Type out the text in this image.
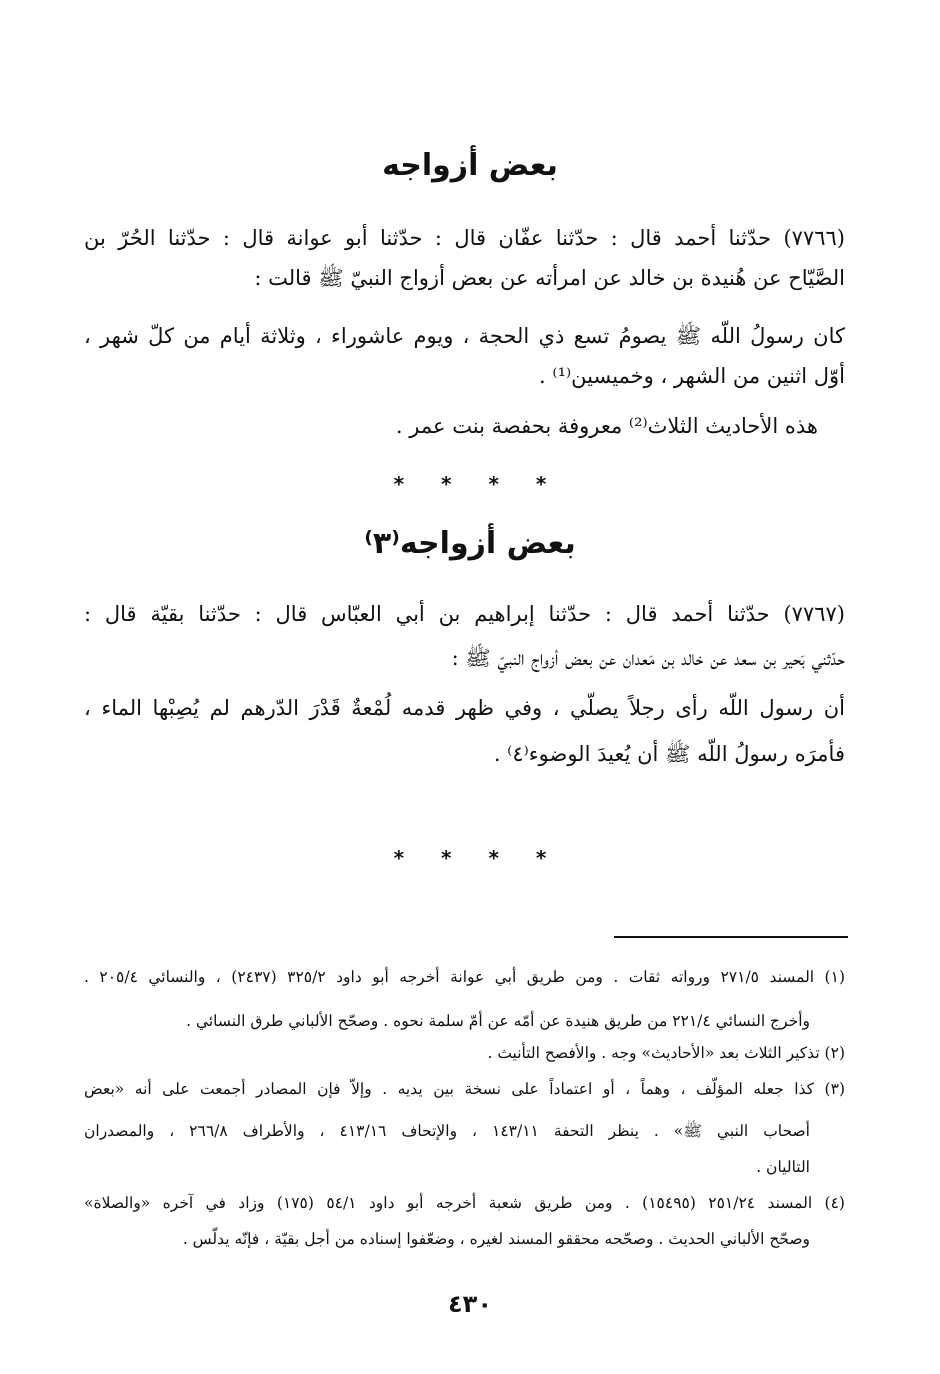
بعض أزواجه
(٧٧٦٦) حدّثنا أحمد قال : حدّثنا عفّان قال : حدّثنا أبو عوانة قال : حدّثنا الحُرّ بن
الصَّيّاح عن هُنيدة بن خالد عن امرأته عن بعض أزواج النبيّ ﷺ قالت :
كان رسولُ اللّه ﷺ يصومُ تسع ذي الحجة ، ويوم عاشوراء ، وثلاثة أيام من كلّ شهر ،
أوّل اثنين من الشهر ، وخميسين⁽¹⁾ .
هذه الأحاديث الثلاث⁽²⁾ معروفة بحفصة بنت عمر .
* * * *
بعض أزواجه⁽٣⁾
(٧٧٦٧) حدّثنا أحمد قال : حدّثنا إبراهيم بن أبي العبّاس قال : حدّثنا بقيّة قال :
حدّثني بَحير بن سعد عن خالد بن مَعدان عن بعض أزواج النبيّ ﷺ :
أن رسول اللّه رأى رجلاً يصلّي ، وفي ظهر قدمه لُمْعةٌ قَدْرَ الدّرهم لم يُصِبْها الماء ،
فأمرَه رسولُ اللّه ﷺ أن يُعيدَ الوضوء⁽٤⁾ .
* * * *
(١) المسند ٢٧١/٥ ورواته ثقات . ومن طريق أبي عوانة أخرجه أبو داود ٣٢٥/٢ (٢٤٣٧) ، والنسائي ٢٠٥/٤ .
وأخرج النسائي ٢٢١/٤ من طريق هنيدة عن أمّه عن أمّ سلمة نحوه . وصحّح الألباني طرق النسائي .
(٢) تذكير الثلاث بعد «الأحاديث» وجه . والأفصح التأنيث .
(٣) كذا جعله المؤلّف ، وهماً ، أو اعتماداً على نسخة بين يديه . وإلاّ فإن المصادر أجمعت على أنه «بعض
أصحاب النبي ﷺ» . ينظر التحفة ١٤٣/١١ ، والإتحاف ٤١٣/١٦ ، والأطراف ٢٦٦/٨ ، والمصدران
التاليان .
(٤) المسند ٢٥١/٢٤ (١٥٤٩٥) . ومن طريق شعبة أخرجه أبو داود ٥٤/١ (١٧٥) وزاد في آخره «والصلاة»
وصحّح الألباني الحديث . وصحّحه محققو المسند لغيره ، وضعّفوا إسناده من أجل بقيّة ، فإنّه يدلّس .
٤٣٠
